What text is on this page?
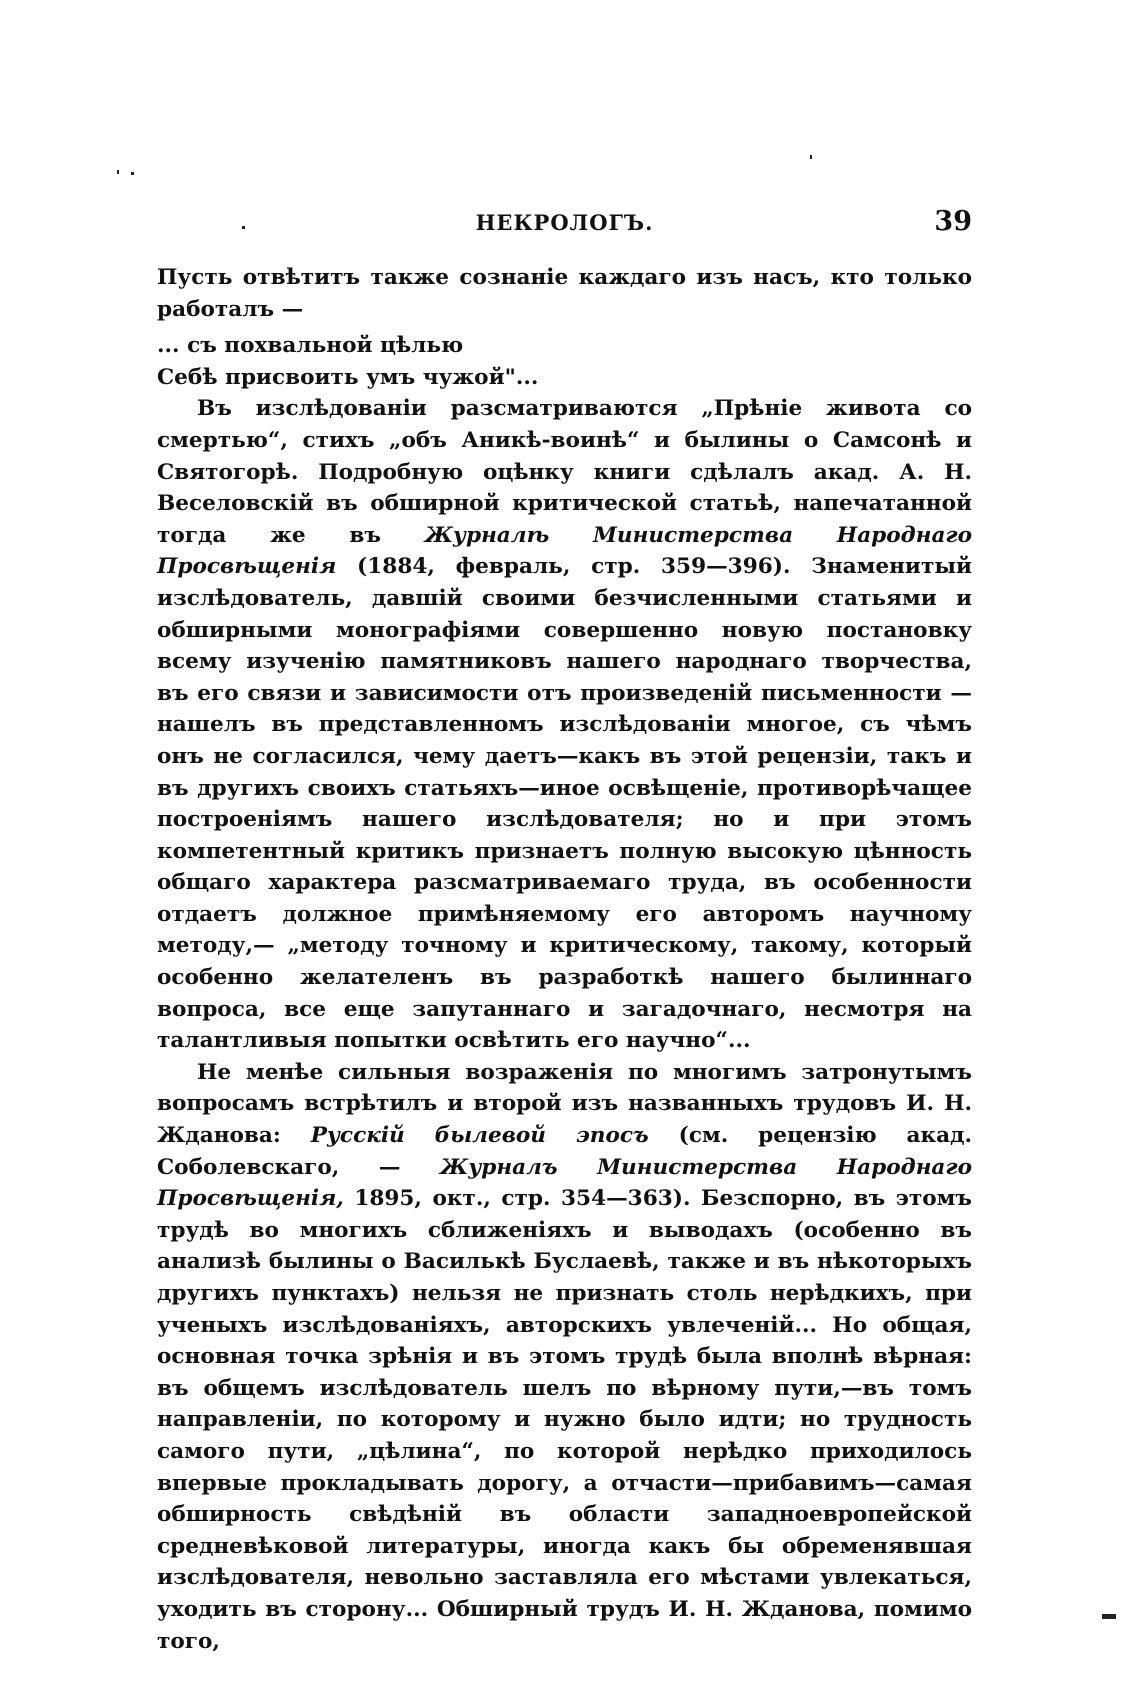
НЕКРОЛОГЪ.	39

Пусть отвѣтитъ также сознаніе каждаго изъ насъ, кто только работалъ —

... съ похвальной цѣлью
Себѣ присвоить умъ чужой"...

Въ изслѣдованіи разсматриваются „Прѣніе живота со смертью“, стихъ „объ Аникѣ-воинѣ“ и былины о Самсонѣ и Святогорѣ. Подробную оцѣнку книги сдѣлалъ акад. А. Н. Веселовскій въ обширной критической статьѣ, напечатанной тогда же въ Журналѣ Министерства Народнаго Просвѣщенія (1884, февраль, стр. 359—396). Знаменитый изслѣдователь, давшій своими безчисленными статьями и обширными монографіями совершенно новую постановку всему изученію памятниковъ нашего народнаго творчества, въ его связи и зависимости отъ произведеній письменности — нашелъ въ представленномъ изслѣдованіи многое, съ чѣмъ онъ не согласился, чему даетъ—какъ въ этой рецензіи, такъ и въ другихъ своихъ статьяхъ—иное освѣщеніе, противорѣчащее построеніямъ нашего изслѣдователя; но и при этомъ компетентный критикъ признаетъ полную высокую цѣнность общаго характера разсматриваемаго труда, въ особенности отдаетъ должное примѣняемому его авторомъ научному методу,— „методу точному и критическому, такому, который особенно желателенъ въ разработкѣ нашего былиннаго вопроса, все еще запутаннаго и загадочнаго, несмотря на талантливыя попытки освѣтить его научно“...

Не менѣе сильныя возраженія по многимъ затронутымъ вопросамъ встрѣтилъ и второй изъ названныхъ трудовъ И. Н. Жданова: Русскій былевой эпосъ (см. рецензію акад. Соболевскаго, — Журналъ Министерства Народнаго Просвѣщенія, 1895, окт., стр. 354—363). Безспорно, въ этомъ трудѣ во многихъ сближеніяхъ и выводахъ (особенно въ анализѣ былины о Василькѣ Буслаевѣ, также и въ нѣкоторыхъ другихъ пунктахъ) нельзя не признать столь нерѣдкихъ, при ученыхъ изслѣдованіяхъ, авторскихъ увлеченій... Но общая, основная точка зрѣнія и въ этомъ трудѣ была вполнѣ вѣрная: въ общемъ изслѣдователь шелъ по вѣрному пути,—въ томъ направленіи, по которому и нужно было идти; но трудность самого пути, „цѣлина“, по которой нерѣдко приходилось впервые прокладывать дорогу, а отчасти—прибавимъ—самая обширность свѣдѣній въ области западноевропейской средневѣковой литературы, иногда какъ бы обременявшая изслѣдователя, невольно заставляла его мѣстами увлекаться, уходить въ сторону... Обширный трудъ И. Н. Жданова, помимо того,
